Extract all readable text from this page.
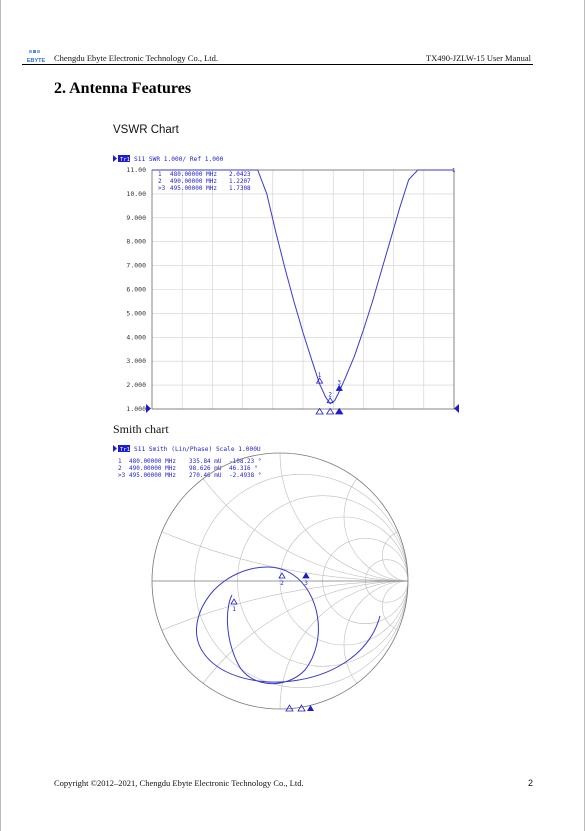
EBYTE Chengdu Ebyte Electronic Technology Co., Ltd.	TX490-JZLW-15 User Manual
2. Antenna Features
VSWR Chart
Smith chart
11.00
10.00
9.000
8.000
7.000
6.000
5.000
4.000
3.000
2.000
1.000
Tr1 S11 SWR 1.000/ Ref 1.000
1 480.00000 MHz 2.0423
2 490.00000 MHz 1.2207
>3 495.00000 MHz 1.7308
1
2
3
1
Tr1 S11 Smith (Lin/Phase) Scale 1.000U
1 480.00000 MHz 335.84 mU -108.23 °
2 490.00000 MHz 98.626 mU 46.316 °
>3 495.00000 MHz 270.46 mU -2.4938 °
1
2	3
Copyright ©2012–2021, Chengdu Ebyte Electronic Technology Co., Ltd.	2
